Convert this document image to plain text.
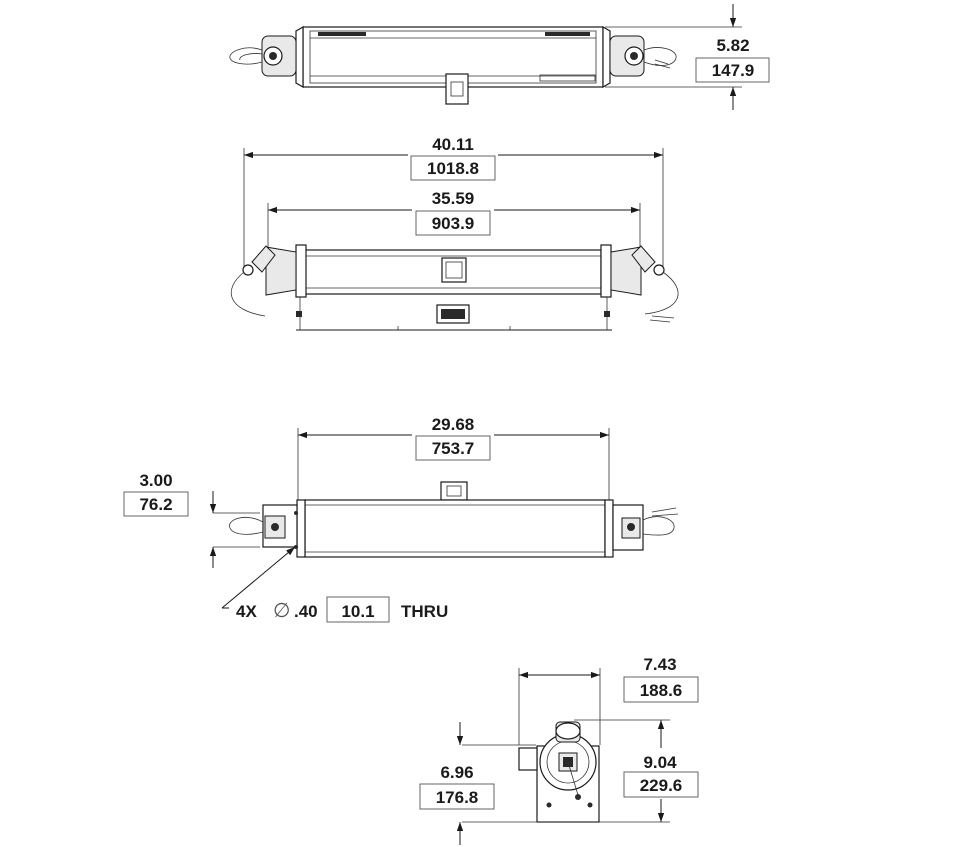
5.82
147.9
40.11
1018.8
35.59
903.9
29.68
753.7
3.00
76.2
4X ∅ .40 10.1 THRU
7.43
188.6
9.04
229.6
6.96
176.8
